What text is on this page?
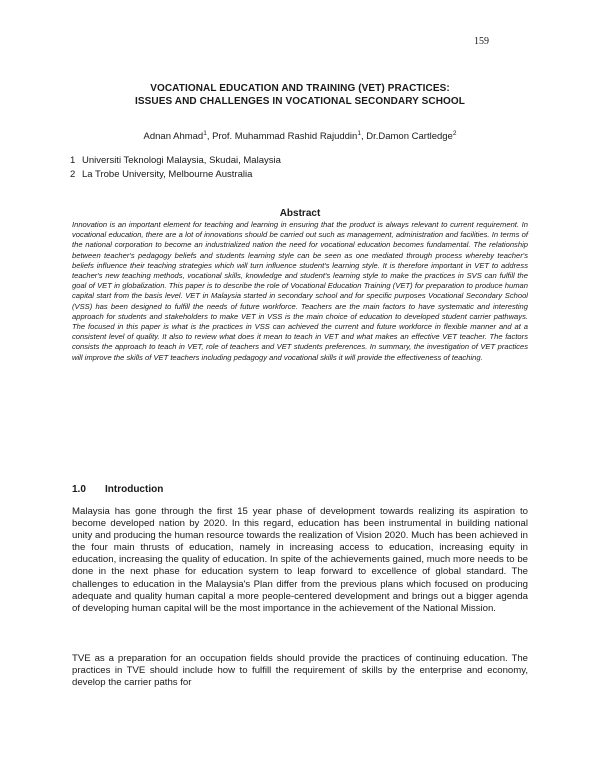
159
VOCATIONAL EDUCATION AND TRAINING (VET) PRACTICES:
ISSUES AND CHALLENGES IN VOCATIONAL SECONDARY SCHOOL
Adnan Ahmad$^1$, Prof. Muhammad Rashid Rajuddin$^1$, Dr.Damon Cartledge$^2$
1 Universiti Teknologi Malaysia, Skudai, Malaysia
2 La Trobe University, Melbourne Australia
Abstract
Innovation is an important element for teaching and learning in ensuring that the product is always relevant to current requirement. In vocational education, there are a lot of innovations should be carried out such as management, administration and facilities. In terms of the national corporation to become an industrialized nation the need for vocational education becomes fundamental. The relationship between teacher's pedagogy beliefs and students learning style can be seen as one mediated through process whereby teacher's beliefs influence their teaching strategies which will turn influence student's learning style. It is therefore important in VET to address teacher's new teaching methods, vocational skills, knowledge and student's learning style to make the practices in SVS can fulfill the goal of VET in globalization. This paper is to describe the role of Vocational Education Training (VET) for preparation to produce human capital start from the basis level. VET in Malaysia started in secondary school and for specific purposes Vocational Secondary School (VSS) has been designed to fulfill the needs of future workforce. Teachers are the main factors to have systematic and interesting approach for students and stakeholders to make VET in VSS is the main choice of education to developed student carrier pathways. The focused in this paper is what is the practices in VSS can achieved the current and future workforce in flexible manner and at a consistent level of quality. It also to review what does it mean to teach in VET and what makes an effective VET teacher. The factors consists the approach to teach in VET, role of teachers and VET students preferences. In summary, the investigation of VET practices will improve the skills of VET teachers including pedagogy and vocational skills it will provide the effectiveness of teaching.
1.0 Introduction
Malaysia has gone through the first 15 year phase of development towards realizing its aspiration to become developed nation by 2020. In this regard, education has been instrumental in building national unity and producing the human resource towards the realization of Vision 2020. Much has been achieved in the four main thrusts of education, namely in increasing access to education, increasing equity in education, increasing the quality of education. In spite of the achievements gained, much more needs to be done in the next phase for education system to leap forward to excellence of global standard. The challenges to education in the Malaysia's Plan differ from the previous plans which focused on producing adequate and quality human capital a more people-centered development and brings out a bigger agenda of developing human capital will be the most importance in the achievement of the National Mission.
TVE as a preparation for an occupation fields should provide the practices of continuing education. The practices in TVE should include how to fulfill the requirement of skills by the enterprise and economy, develop the carrier paths for
